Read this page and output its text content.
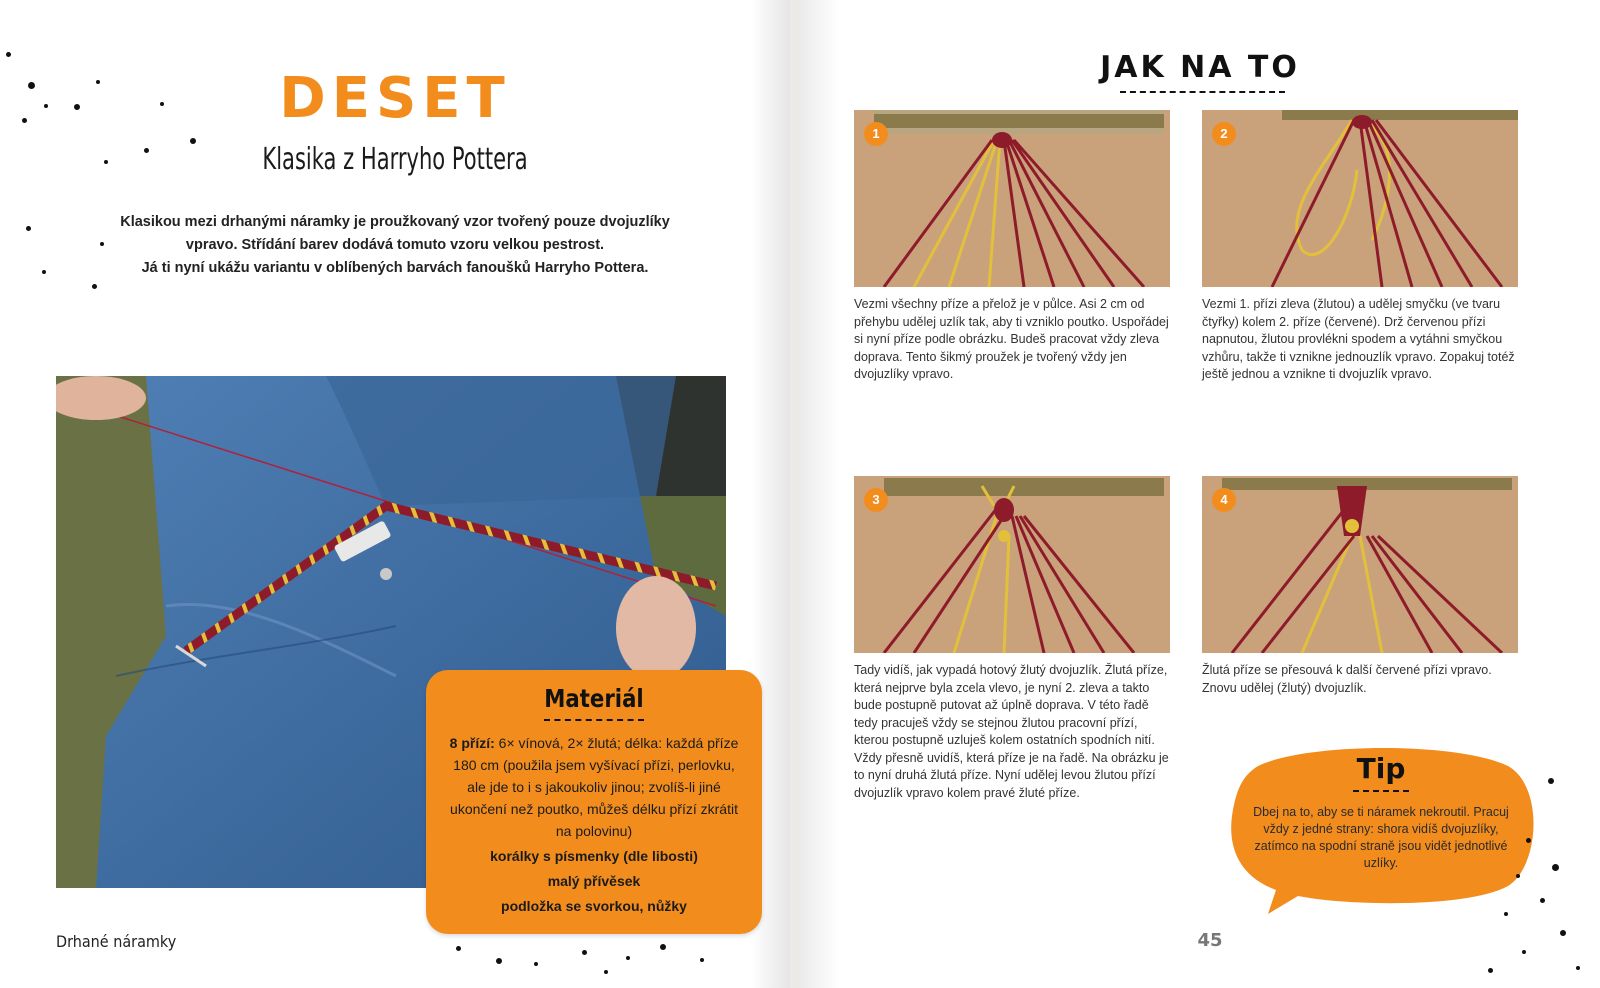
DESET
Klasika z Harryho Pottera
Klasikou mezi drhanými náramky je proužkovaný vzor tvořený pouze dvojuzlíky
vpravo. Střídání barev dodává tomuto vzoru velkou pestrost.
Já ti nyní ukážu variantu v oblíbených barvách fanoušků Harryho Pottera.
Materiál
8 přízí: 6× vínová, 2× žlutá; délka: každá příze 180 cm (použila jsem vyšívací přízi, perlovku, ale jde to i s jakoukoliv jinou; zvolíš-li jiné ukončení než poutko, můžeš délku přízí zkrátit na polovinu)
korálky s písmenky (dle libosti)
malý přívěsek
podložka se svorkou, nůžky
Drhané náramky
JAK NA TO
1
Vezmi všechny příze a přelož je v půlce. Asi 2 cm od přehybu udělej uzlík tak, aby ti vzniklo poutko. Uspořádej si nyní příze podle obrázku. Budeš pracovat vždy zleva doprava. Tento šikmý proužek je tvořený vždy jen dvojuzlíky vpravo.
2
Vezmi 1. přízi zleva (žlutou) a udělej smyčku (ve tvaru čtyřky) kolem 2. příze (červené). Drž červenou přízi napnutou, žlutou provlékni spodem a vytáhni smyčkou vzhůru, takže ti vznikne jednouzlík vpravo. Zopakuj totéž ještě jednou a vznikne ti dvojuzlík vpravo.
3
Tady vidíš, jak vypadá hotový žlutý dvojuzlík. Žlutá příze, která nejprve byla zcela vlevo, je nyní 2. zleva a takto bude postupně putovat až úplně doprava. V této řadě tedy pracuješ vždy se stejnou žlutou pracovní přízí, kterou postupně uzluješ kolem ostatních spodních nití. Vždy přesně uvidíš, která příze je na řadě. Na obrázku je to nyní druhá žlutá příze. Nyní udělej levou žlutou přízí dvojuzlík vpravo kolem pravé žluté příze.
4
Žlutá příze se přesouvá k další červené přízi vpravo. Znovu udělej (žlutý) dvojuzlík.
Tip
Dbej na to, aby se ti náramek nekroutil. Pracuj vždy z jedné strany: shora vidíš dvojuzlíky, zatímco na spodní straně jsou vidět jednotlivé uzlíky.
45
